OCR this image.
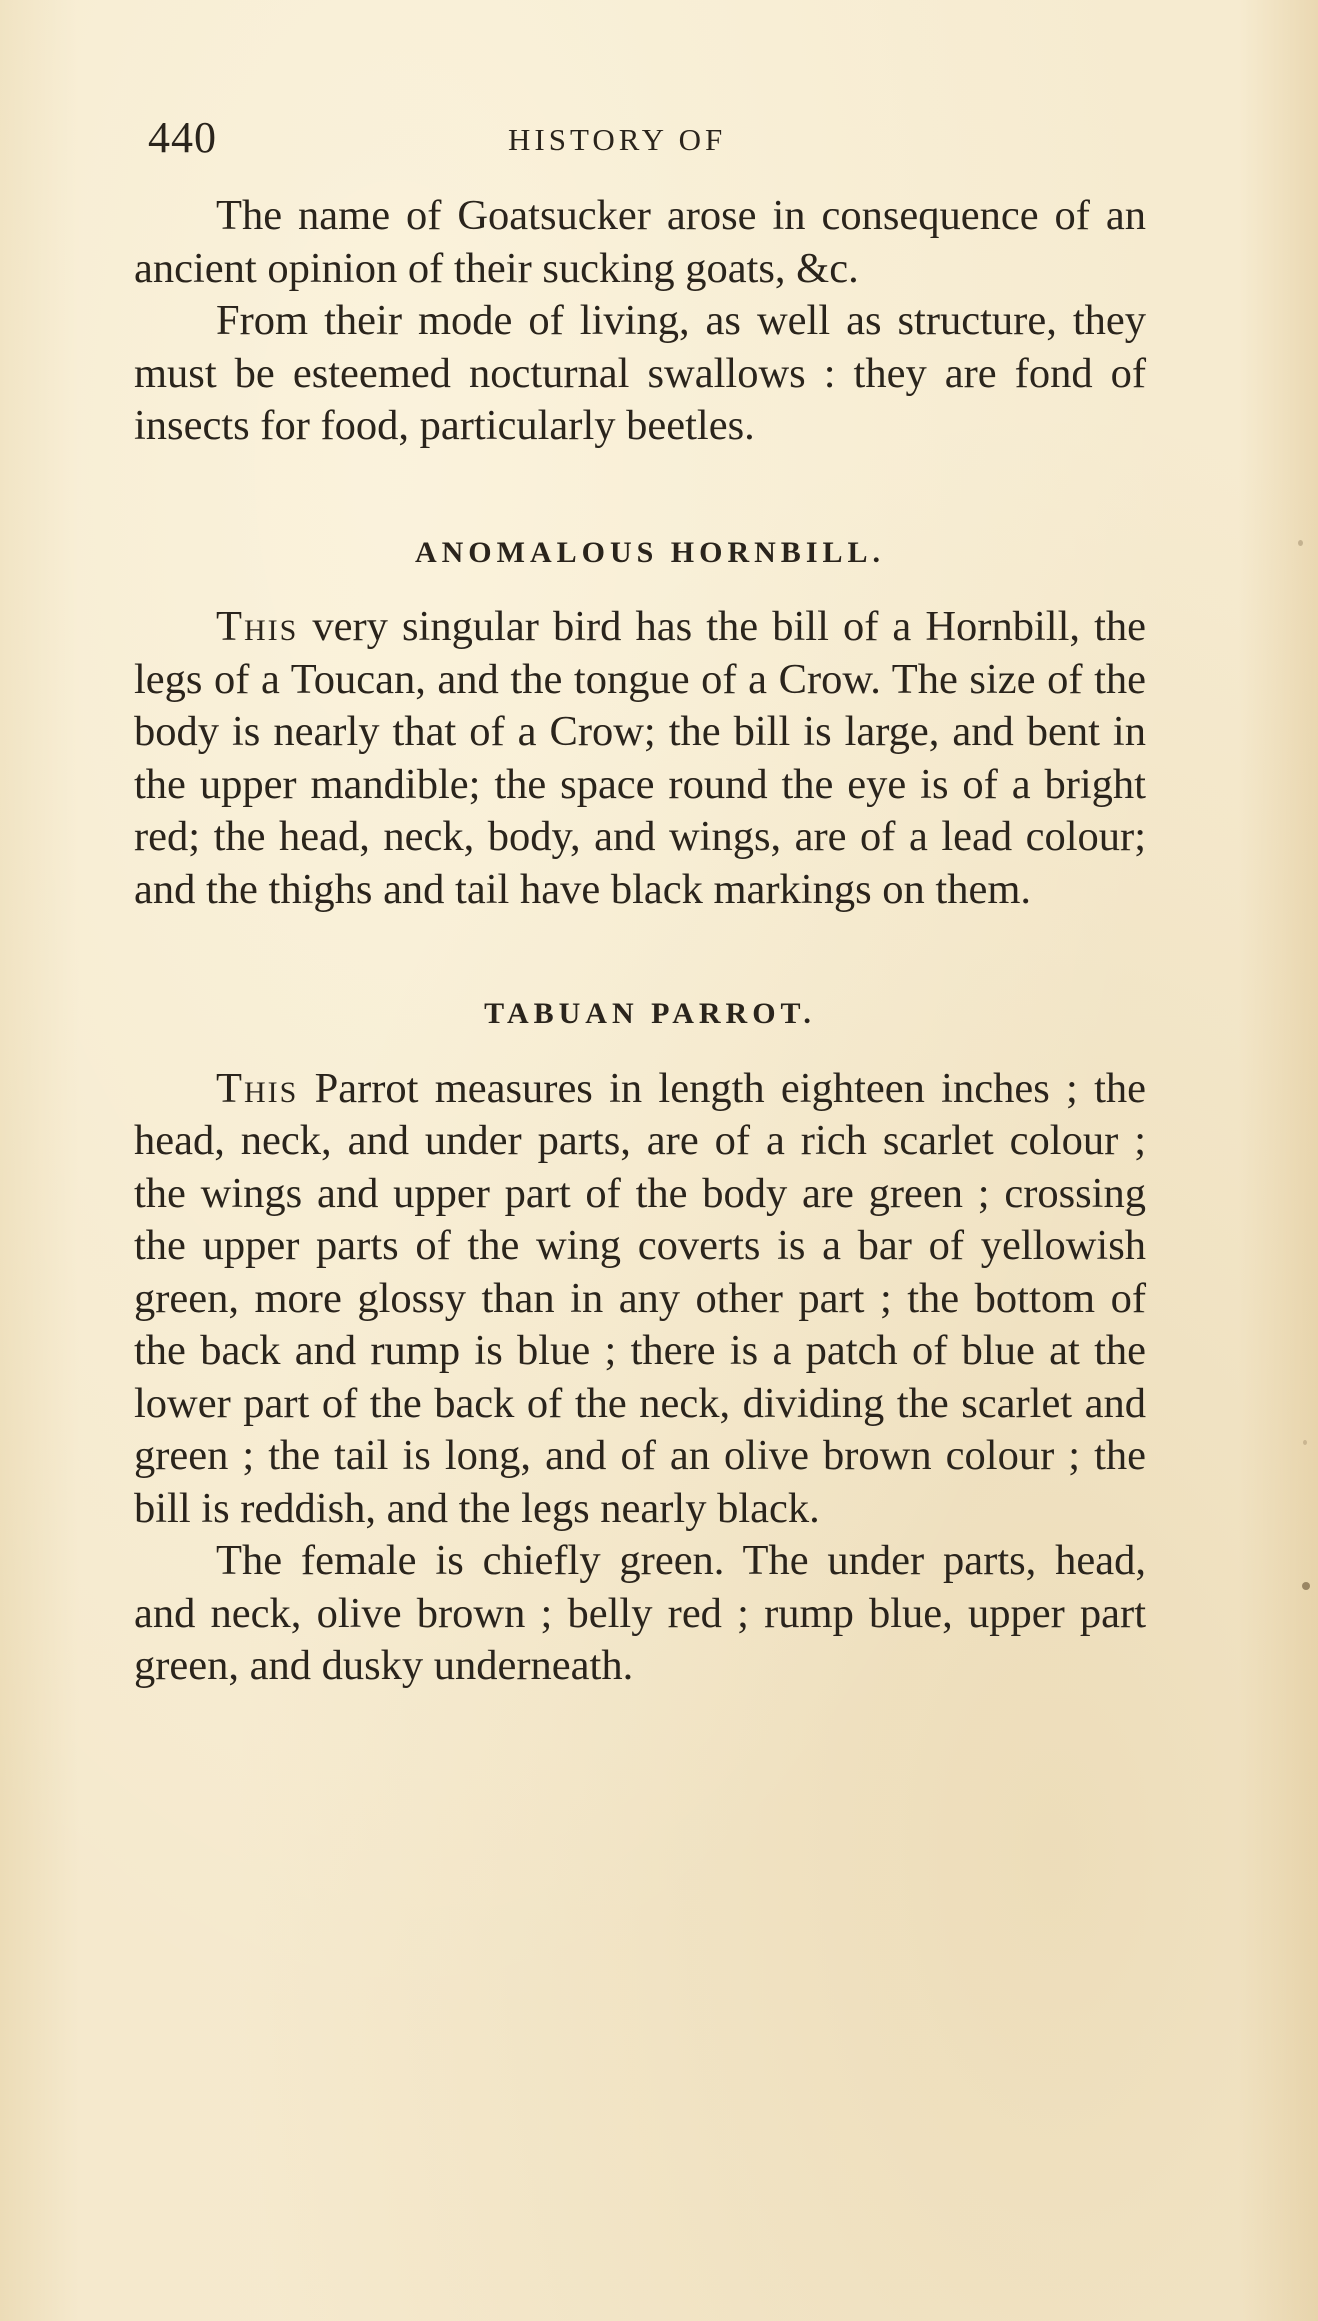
440	HISTORY OF

The name of Goatsucker arose in consequence of an ancient opinion of their sucking goats, &c.

From their mode of living, as well as structure, they must be esteemed nocturnal swallows : they are fond of insects for food, particularly beetles.

ANOMALOUS HORNBILL.

This very singular bird has the bill of a Hornbill, the legs of a Toucan, and the tongue of a Crow. The size of the body is nearly that of a Crow; the bill is large, and bent in the upper mandible; the space round the eye is of a bright red; the head, neck, body, and wings, are of a lead colour; and the thighs and tail have black markings on them.

TABUAN PARROT.

This Parrot measures in length eighteen inches ; the head, neck, and under parts, are of a rich scarlet colour ; the wings and upper part of the body are green ; crossing the upper parts of the wing coverts is a bar of yellowish green, more glossy than in any other part ; the bottom of the back and rump is blue ; there is a patch of blue at the lower part of the back of the neck, dividing the scarlet and green ; the tail is long, and of an olive brown colour ; the bill is reddish, and the legs nearly black.

The female is chiefly green. The under parts, head, and neck, olive brown ; belly red ; rump blue, upper part green, and dusky underneath.
